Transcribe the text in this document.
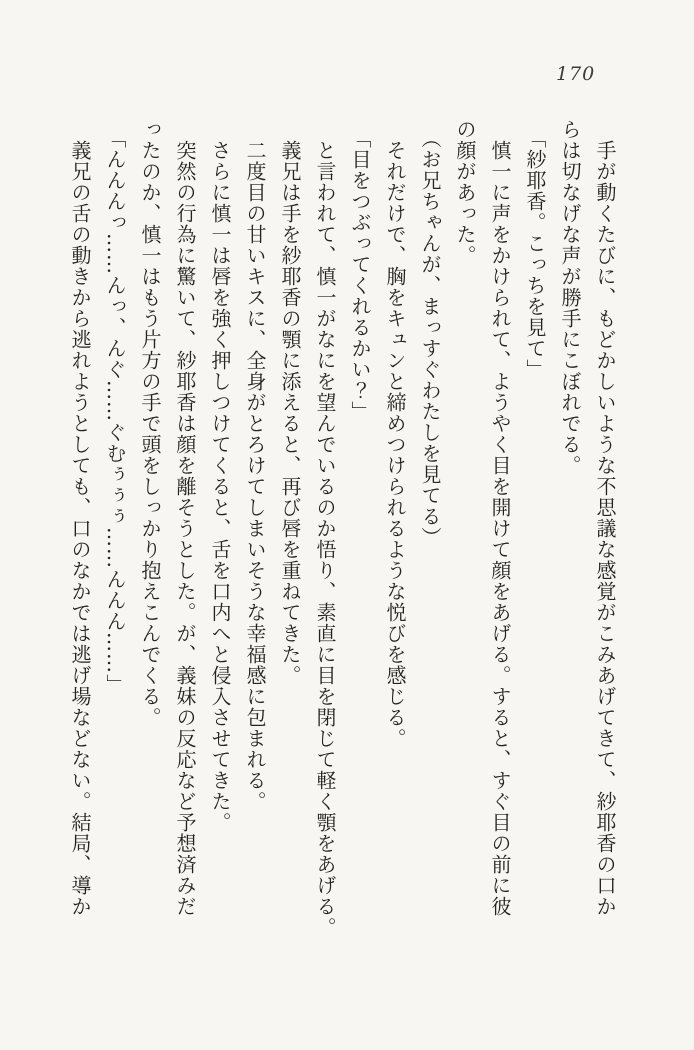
170
　手が動くたびに、もどかしいような不思議な感覚がこみあげてきて、紗耶香の口か
らは切なげな声が勝手にこぼれでる。
「紗耶香。こっちを見て」
　慎一に声をかけられて、ようやく目を開けて顔をあげる。すると、すぐ目の前に彼
の顔があった。
（お兄ちゃんが、まっすぐわたしを見てる）
　それだけで、胸をキュンと締めつけられるような悦びを感じる。
「目をつぶってくれるかい？」
　と言われて、慎一がなにを望んでいるのか悟り、素直に目を閉じて軽く顎をあげる。
　義兄は手を紗耶香の顎に添えると、再び唇を重ねてきた。
　二度目の甘いキスに、全身がとろけてしまいそうな幸福感に包まれる。
　さらに慎一は唇を強く押しつけてくると、舌を口内へと侵入させてきた。
　突然の行為に驚いて、紗耶香は顔を離そうとした。が、義妹の反応など予想済みだ
ったのか、慎一はもう片方の手で頭をしっかり抱えこんでくる。
「んんんっ……んっ、んぐ……ぐむぅぅぅ……んんん……」
　義兄の舌の動きから逃れようとしても、口のなかでは逃げ場などない。結局、導か
